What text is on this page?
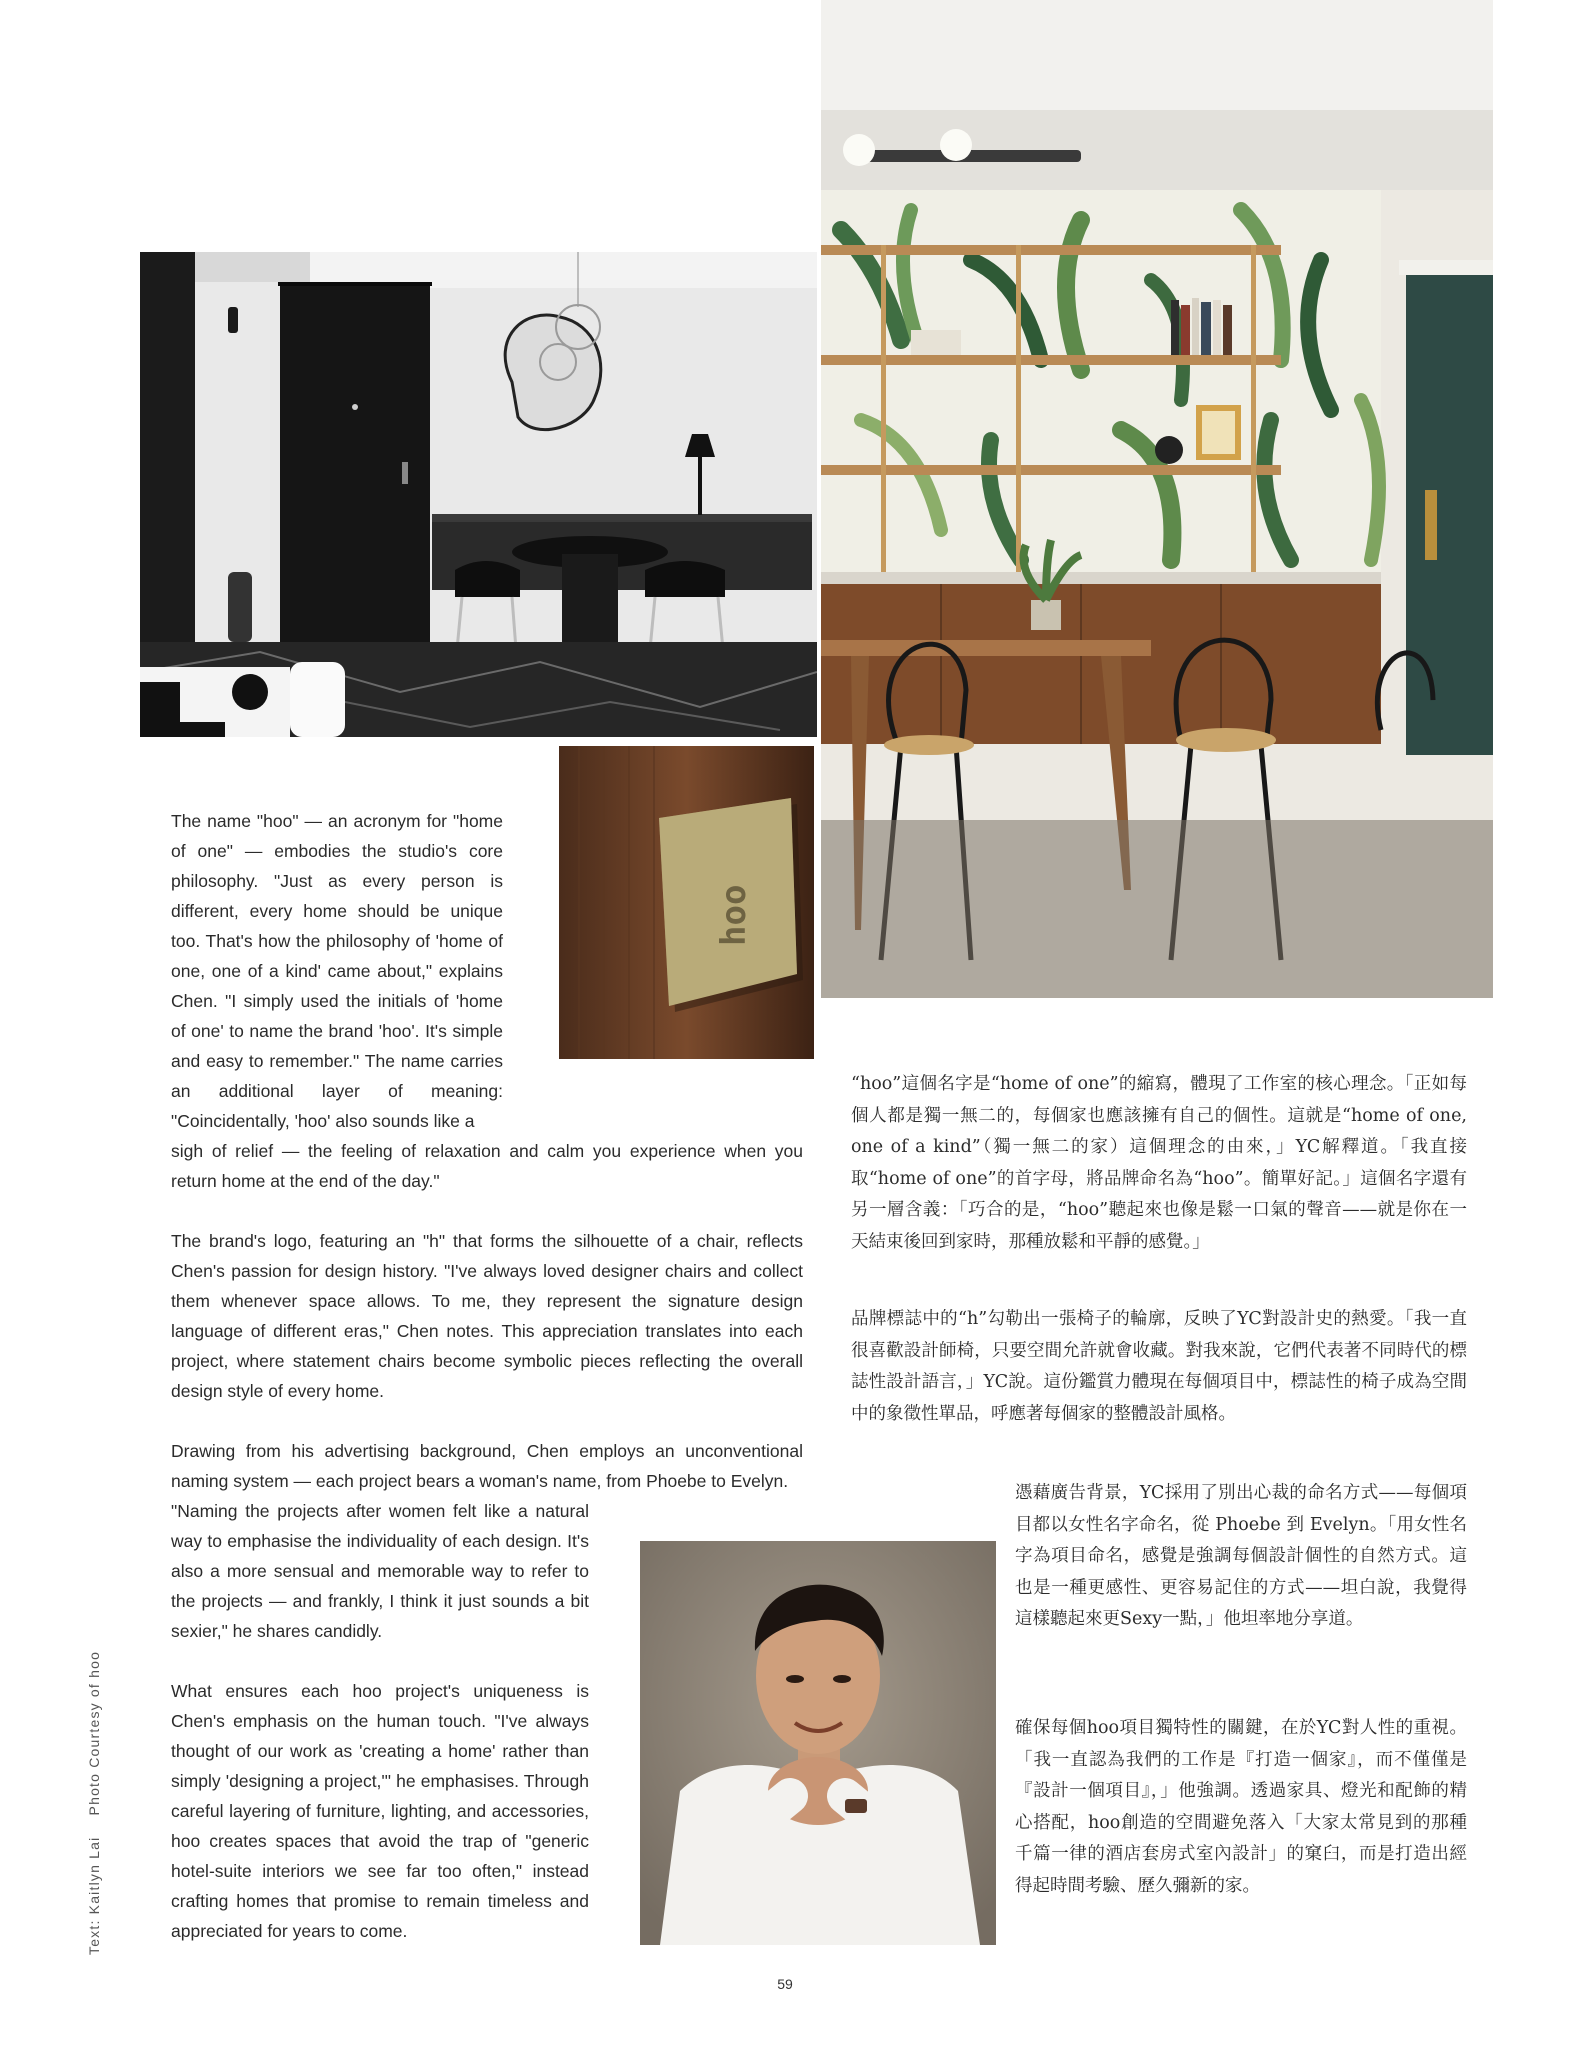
hoo

The name "hoo" — an acronym for "home of one" — embodies the studio's core philosophy. "Just as every person is different, every home should be unique too. That's how the philosophy of 'home of one, one of a kind' came about," explains Chen. "I simply used the initials of 'home of one' to name the brand 'hoo'. It's simple and easy to remember." The name carries an additional layer of meaning: "Coincidentally, 'hoo' also sounds like a

sigh of relief — the feeling of relaxation and calm you experience when you return home at the end of the day."

The brand's logo, featuring an "h" that forms the silhouette of a chair, reflects Chen's passion for design history. "I've always loved designer chairs and collect them whenever space allows. To me, they represent the signature design language of different eras," Chen notes. This appreciation translates into each project, where statement chairs become symbolic pieces reflecting the overall design style of every home.

Drawing from his advertising background, Chen employs an unconventional naming system — each project bears a woman's name, from Phoebe to Evelyn.

"Naming the projects after women felt like a natural way to emphasise the individuality of each design. It's also a more sensual and memorable way to refer to the projects — and frankly, I think it just sounds a bit sexier," he shares candidly.

What ensures each hoo project's uniqueness is Chen's emphasis on the human touch. "I've always thought of our work as 'creating a home' rather than simply 'designing a project,'" he emphasises. Through careful layering of furniture, lighting, and accessories, hoo creates spaces that avoid the trap of "generic hotel-suite interiors we see far too often," instead crafting homes that promise to remain timeless and appreciated for years to come.

“hoo”這個名字是“home of one”的縮寫，體現了工作室的核心理念。「正如每個人都是獨一無二的，每個家也應該擁有自己的個性。這就是“home of one, one of a kind”（獨一無二的家）這個理念的由來，」YC解釋道。「我直接取“home of one”的首字母，將品牌命名為“hoo”。簡單好記。」這個名字還有另一層含義：「巧合的是，“hoo”聽起來也像是鬆一口氣的聲音——就是你在一天結束後回到家時，那種放鬆和平靜的感覺。」

品牌標誌中的“h”勾勒出一張椅子的輪廓，反映了YC對設計史的熱愛。「我一直很喜歡設計師椅，只要空間允許就會收藏。對我來說，它們代表著不同時代的標誌性設計語言，」YC說。這份鑑賞力體現在每個項目中，標誌性的椅子成為空間中的象徵性單品，呼應著每個家的整體設計風格。

憑藉廣告背景，YC採用了別出心裁的命名方式——每個項目都以女性名字命名，從 Phoebe 到 Evelyn。「用女性名字為項目命名，感覺是強調每個設計個性的自然方式。這也是一種更感性、更容易記住的方式——坦白說，我覺得這樣聽起來更Sexy一點，」他坦率地分享道。

確保每個hoo項目獨特性的關鍵，在於YC對人性的重視。「我一直認為我們的工作是『打造一個家』，而不僅僅是『設計一個項目』，」他強調。透過家具、燈光和配飾的精心搭配，hoo創造的空間避免落入「大家太常見到的那種千篇一律的酒店套房式室內設計」的窠臼，而是打造出經得起時間考驗、歷久彌新的家。

Text: Kaitlyn Lai Photo Courtesy of hoo
59
